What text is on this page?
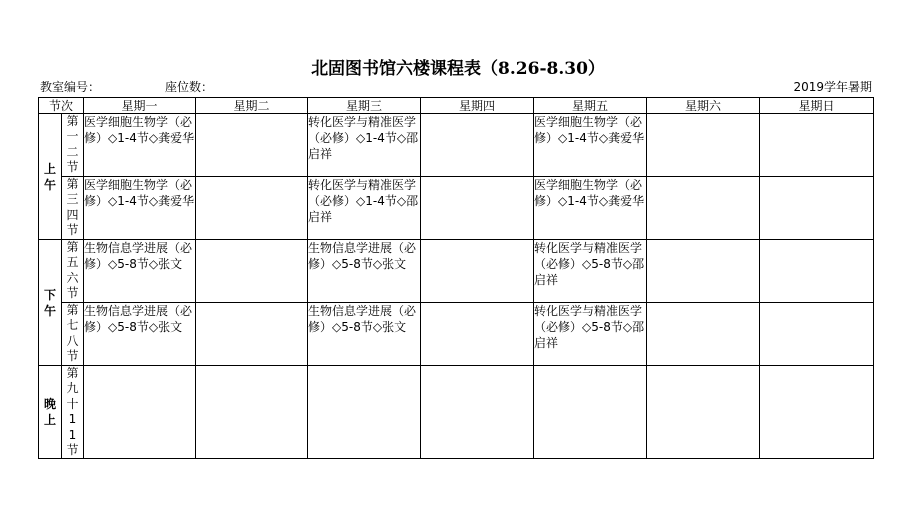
北固图书馆六楼课程表（8.26-8.30）
教室编号：	座位数：	2019学年暑期
节次		星期一	星期二	星期三	星期四	星期五	星期六	星期日
上午	第一二节	医学细胞生物学（必修）◇1-4节◇龚爱华		转化医学与精准医学（必修）◇1-4节◇邵启祥		医学细胞生物学（必修）◇1-4节◇龚爱华		

	第三四节	医学细胞生物学（必修）◇1-4节◇龚爱华		转化医学与精准医学（必修）◇1-4节◇邵启祥		医学细胞生物学（必修）◇1-4节◇龚爱华		

下午	第五六节	生物信息学进展（必修）◇5-8节◇张文		生物信息学进展（必修）◇5-8节◇张文		转化医学与精准医学（必修）◇5-8节◇邵启祥		

	第七八节	生物信息学进展（必修）◇5-8节◇张文		生物信息学进展（必修）◇5-8节◇张文		转化医学与精准医学（必修）◇5-8节◇邵启祥		

晚上	第九十11节	
